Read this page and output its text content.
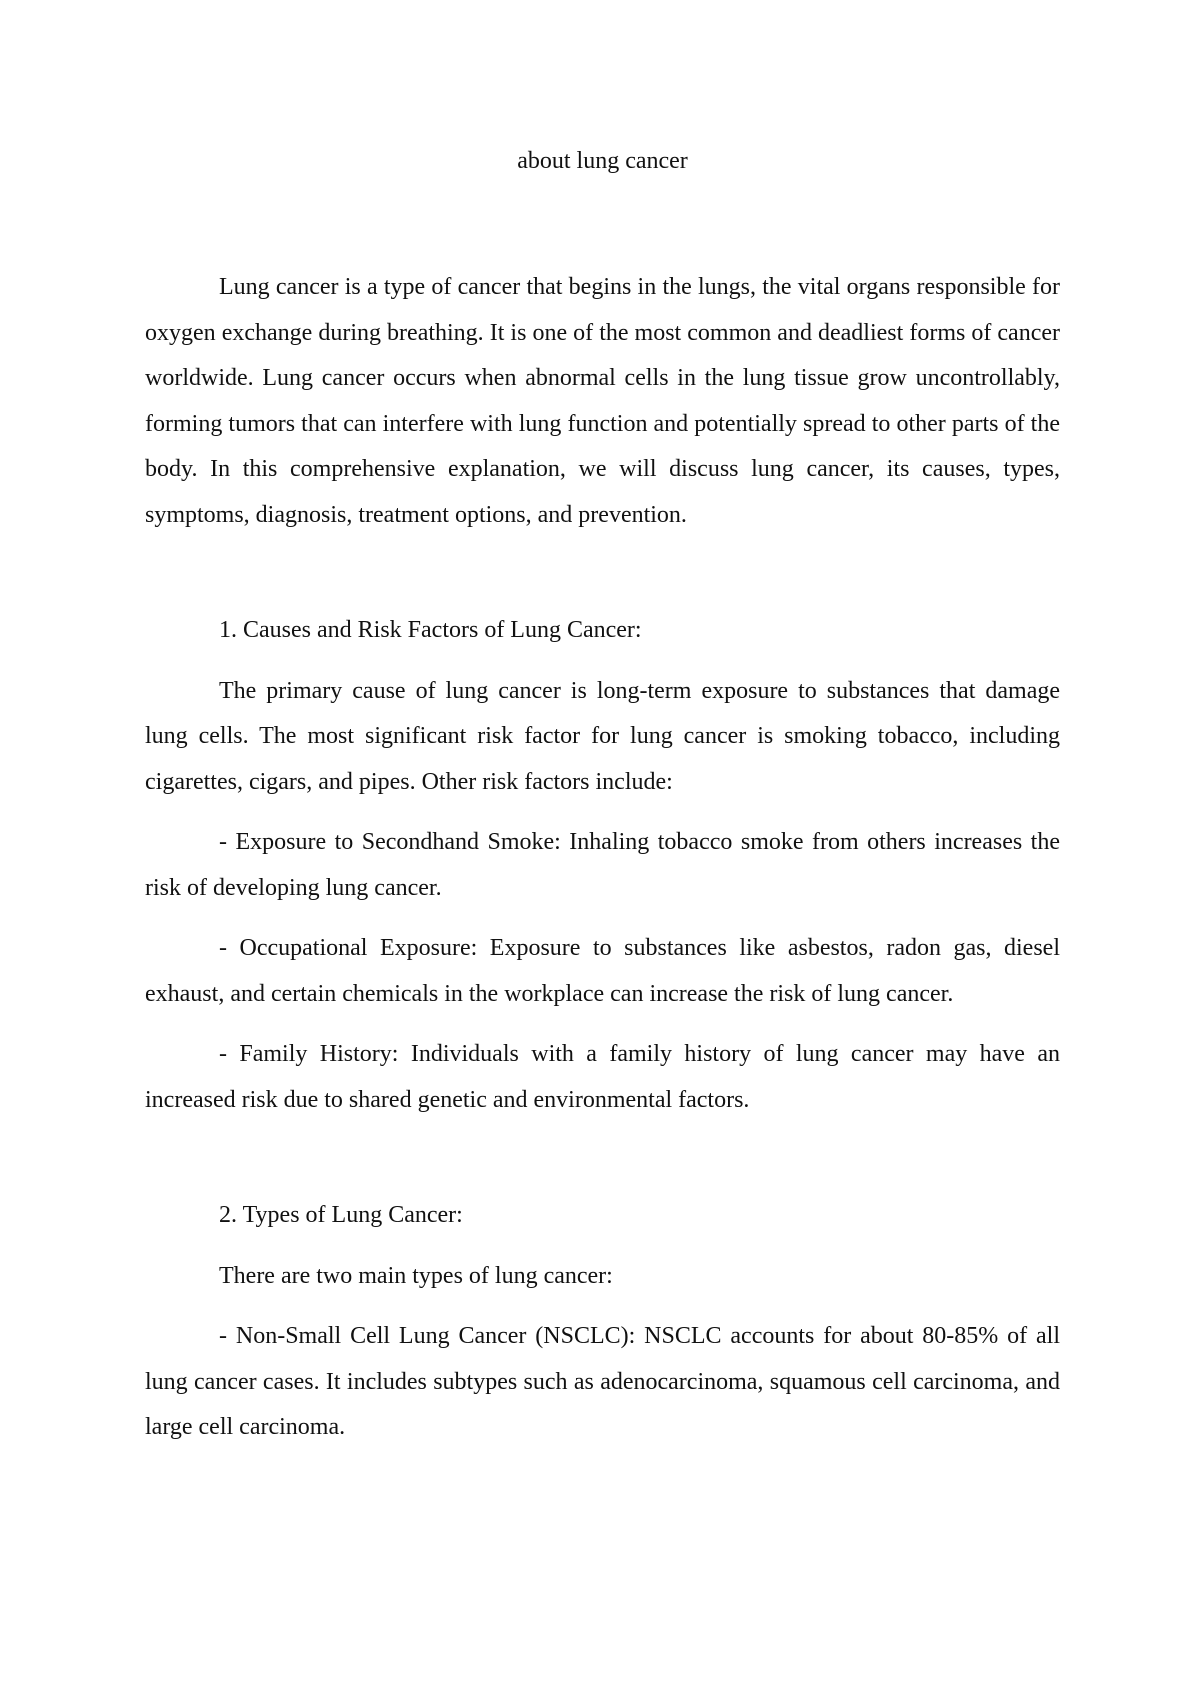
about lung cancer

Lung cancer is a type of cancer that begins in the lungs, the vital organs responsible for oxygen exchange during breathing. It is one of the most common and deadliest forms of cancer worldwide. Lung cancer occurs when abnormal cells in the lung tissue grow uncontrollably, forming tumors that can interfere with lung function and potentially spread to other parts of the body. In this comprehensive explanation, we will discuss lung cancer, its causes, types, symptoms, diagnosis, treatment options, and prevention.

1. Causes and Risk Factors of Lung Cancer:

The primary cause of lung cancer is long-term exposure to substances that damage lung cells. The most significant risk factor for lung cancer is smoking tobacco, including cigarettes, cigars, and pipes. Other risk factors include:

- Exposure to Secondhand Smoke: Inhaling tobacco smoke from others increases the risk of developing lung cancer.

- Occupational Exposure: Exposure to substances like asbestos, radon gas, diesel exhaust, and certain chemicals in the workplace can increase the risk of lung cancer.

- Family History: Individuals with a family history of lung cancer may have an increased risk due to shared genetic and environmental factors.

2. Types of Lung Cancer:

There are two main types of lung cancer:

- Non-Small Cell Lung Cancer (NSCLC): NSCLC accounts for about 80-85% of all lung cancer cases. It includes subtypes such as adenocarcinoma, squamous cell carcinoma, and large cell carcinoma.
